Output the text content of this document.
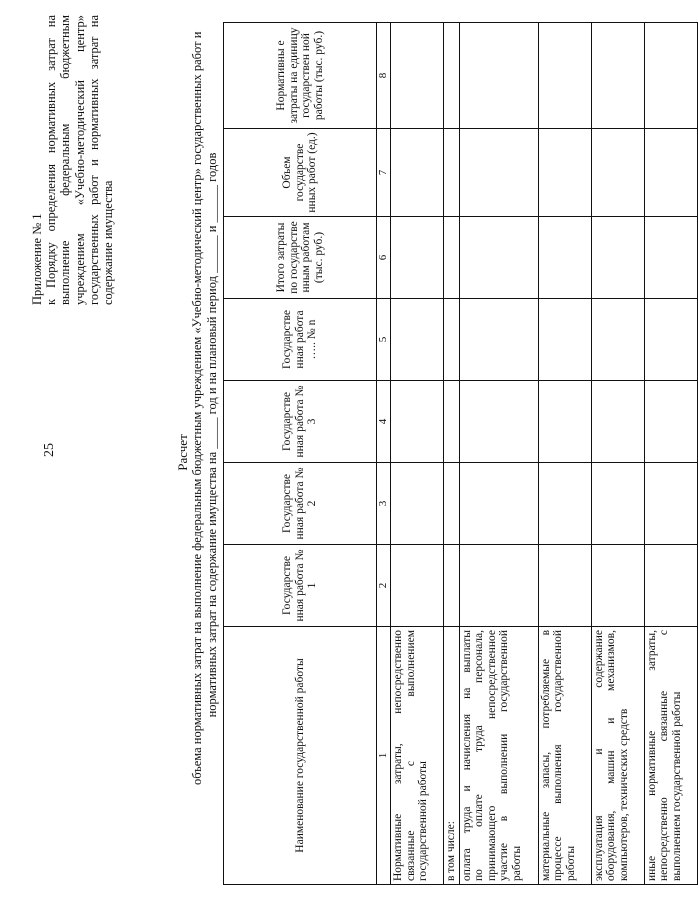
25
Приложение № 1 к Порядку определения нормативных затрат на выполнение федеральным бюджетным учреждением «Учебно-методический центр» государственных работ и нормативных затрат на содержание имущества
Расчет объема нормативных затрат на выполнение федеральным бюджетным учреждением «Учебно-методический центр» государственных работ и нормативных затрат на содержание имущества на _____ год и на плановый период ______ и ______ годов
Наименование государственной работы	Государстве нная работа № 1	Государстве нная работа № 2	Государстве нная работа № 3	Государстве нная работа ….. № n	Итого затраты по государстве нным работам (тыс. руб.)	Объем государстве нных работ (ед.)	Нормативны е затраты на единицу государствен ной работы (тыс. руб.)
1	2	3	4	5	6	7	8

Нормативные затраты, непосредственно связанные с выполнением государственной работы							

в том числе:							

оплата труда и начисления на выплаты по оплате труда персонала, принимающего непосредственное участие в выполнении государственной работы							

материальные запасы, потребляемые в процессе выполнения государственной работы							

эксплуатация и содержание оборудования, машин и механизмов, компьютеров, технических средств							

иные нормативные затраты, непосредственно связанные с выполнением государственной работы							
